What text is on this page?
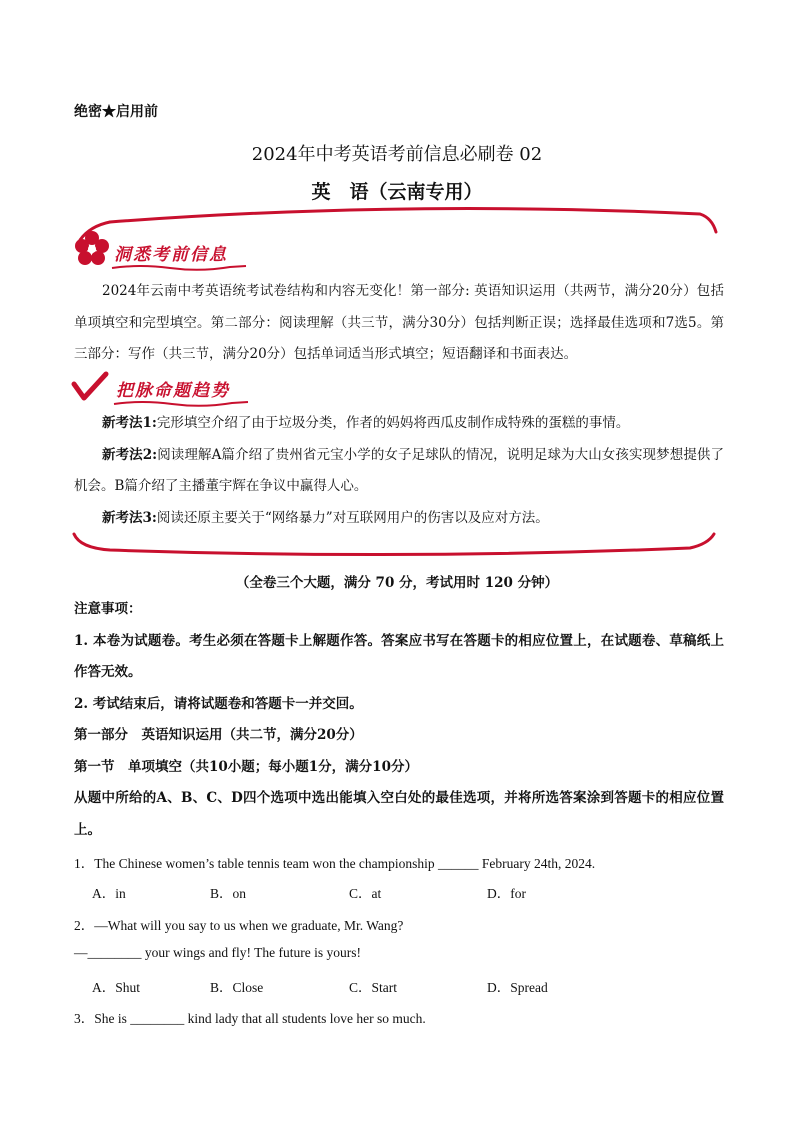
洞悉考前信息

2024年云南中考英语统考试卷结构和内容无变化！第一部分: 英语知识运用（共两节，满分20分）包括单项填空和完型填空。第二部分：阅读理解（共三节，满分30分）包括判断正误；选择最佳选项和7选5。第三部分：写作（共三节，满分20分）包括单词适当形式填空；短语翻译和书面表达。

把脉命题趋势

新考法1:完形填空介绍了由于垃圾分类，作者的妈妈将西瓜皮制作成特殊的蛋糕的事情。

新考法2:阅读理解A篇介绍了贵州省元宝小学的女子足球队的情况，说明足球为大山女孩实现梦想提供了机会。B篇介绍了主播董宇辉在争议中赢得人心。

新考法3:阅读还原主要关于“网络暴力”对互联网用户的伤害以及应对方法。

绝密★启用前
2024年中考英语考前信息必刷卷 02
英　语（云南专用）
（全卷三个大题，满分 70 分，考试用时 120 分钟）

注意事项：

1. 本卷为试题卷。考生必须在答题卡上解题作答。答案应书写在答题卡的相应位置上，在试题卷、草稿纸上作答无效。

2. 考试结束后，请将试题卷和答题卡一并交回。

第一部分　英语知识运用（共二节，满分20分）

第一节　单项填空（共10小题；每小题1分，满分10分）

从题中所给的A、B、C、D四个选项中选出能填入空白处的最佳选项，并将所选答案涂到答题卡的相应位置上。

1．The Chinese women’s table tennis team won the championship ______ February 24th, 2024.
A．in	B．on	C．at	D．for
2．—What will you say to us when we graduate, Mr. Wang?
—________ your wings and fly! The future is yours!
A．Shut	B．Close	C．Start	D．Spread
3．She is ________ kind lady that all students love her so much.
